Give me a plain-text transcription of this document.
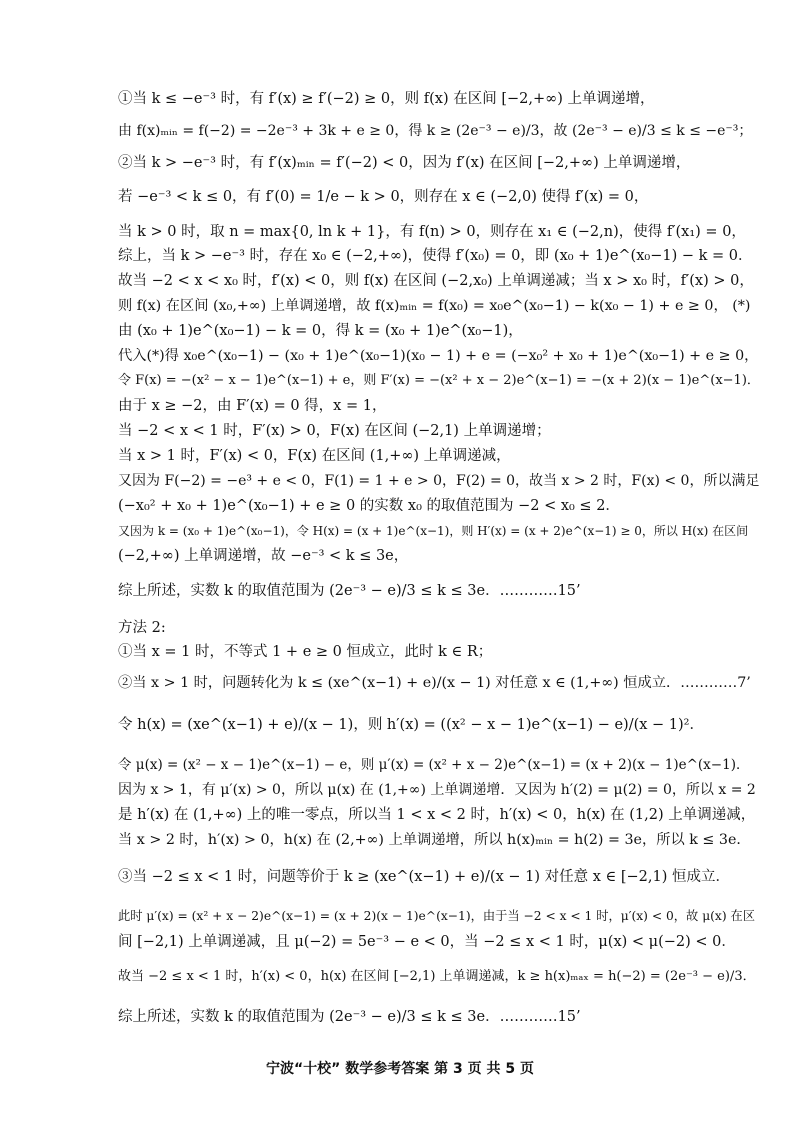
①当 k ≤ −e⁻³ 时，有 f′(x) ≥ f′(−2) ≥ 0，则 f(x) 在区间 [−2,+∞) 上单调递增，
由 f(x)ₘᵢₙ = f(−2) = −2e⁻³ + 3k + e ≥ 0，得 k ≥ (2e⁻³ − e)/3，故 (2e⁻³ − e)/3 ≤ k ≤ −e⁻³；
②当 k > −e⁻³ 时，有 f′(x)ₘᵢₙ = f′(−2) < 0，因为 f′(x) 在区间 [−2,+∞) 上单调递增，
若 −e⁻³ < k ≤ 0，有 f′(0) = 1/e − k > 0，则存在 x ∈ (−2,0) 使得 f′(x) = 0，
当 k > 0 时，取 n = max{0, ln k + 1}，有 f(n) > 0，则存在 x₁ ∈ (−2,n)，使得 f′(x₁) = 0，
综上，当 k > −e⁻³ 时，存在 x₀ ∈ (−2,+∞)，使得 f′(x₀) = 0，即 (x₀ + 1)e^(x₀−1) − k = 0．
故当 −2 < x < x₀ 时，f′(x) < 0，则 f(x) 在区间 (−2,x₀) 上单调递减；当 x > x₀ 时，f′(x) > 0，
则 f(x) 在区间 (x₀,+∞) 上单调递增，故 f(x)ₘᵢₙ = f(x₀) = x₀e^(x₀−1) − k(x₀ − 1) + e ≥ 0， (*)
由 (x₀ + 1)e^(x₀−1) − k = 0，得 k = (x₀ + 1)e^(x₀−1)，
代入(*)得 x₀e^(x₀−1) − (x₀ + 1)e^(x₀−1)(x₀ − 1) + e = (−x₀² + x₀ + 1)e^(x₀−1) + e ≥ 0，
令 F(x) = −(x² − x − 1)e^(x−1) + e，则 F′(x) = −(x² + x − 2)e^(x−1) = −(x + 2)(x − 1)e^(x−1)．
由于 x ≥ −2，由 F′(x) = 0 得，x = 1，
当 −2 < x < 1 时，F′(x) > 0，F(x) 在区间 (−2,1) 上单调递增；
当 x > 1 时，F′(x) < 0，F(x) 在区间 (1,+∞) 上单调递减，
又因为 F(−2) = −e³ + e < 0，F(1) = 1 + e > 0，F(2) = 0，故当 x > 2 时，F(x) < 0，所以满足
(−x₀² + x₀ + 1)e^(x₀−1) + e ≥ 0 的实数 x₀ 的取值范围为 −2 < x₀ ≤ 2．
又因为 k = (x₀ + 1)e^(x₀−1)，令 H(x) = (x + 1)e^(x−1)，则 H′(x) = (x + 2)e^(x−1) ≥ 0，所以 H(x) 在区间
(−2,+∞) 上单调递增，故 −e⁻³ < k ≤ 3e，
综上所述，实数 k 的取值范围为 (2e⁻³ − e)/3 ≤ k ≤ 3e．…………15’
方法 2:
①当 x = 1 时，不等式 1 + e ≥ 0 恒成立，此时 k ∈ R；
②当 x > 1 时，问题转化为 k ≤ (xe^(x−1) + e)/(x − 1) 对任意 x ∈ (1,+∞) 恒成立．…………7’
令 h(x) = (xe^(x−1) + e)/(x − 1)，则 h′(x) = ((x² − x − 1)e^(x−1) − e)/(x − 1)²．
令 μ(x) = (x² − x − 1)e^(x−1) − e，则 μ′(x) = (x² + x − 2)e^(x−1) = (x + 2)(x − 1)e^(x−1)．
因为 x > 1，有 μ′(x) > 0，所以 μ(x) 在 (1,+∞) 上单调递增．又因为 h′(2) = μ(2) = 0，所以 x = 2
是 h′(x) 在 (1,+∞) 上的唯一零点，所以当 1 < x < 2 时，h′(x) < 0，h(x) 在 (1,2) 上单调递减，
当 x > 2 时，h′(x) > 0，h(x) 在 (2,+∞) 上单调递增，所以 h(x)ₘᵢₙ = h(2) = 3e，所以 k ≤ 3e．
③当 −2 ≤ x < 1 时，问题等价于 k ≥ (xe^(x−1) + e)/(x − 1) 对任意 x ∈ [−2,1) 恒成立．
此时 μ′(x) = (x² + x − 2)e^(x−1) = (x + 2)(x − 1)e^(x−1)，由于当 −2 < x < 1 时，μ′(x) < 0，故 μ(x) 在区
间 [−2,1) 上单调递减，且 μ(−2) = 5e⁻³ − e < 0，当 −2 ≤ x < 1 时，μ(x) < μ(−2) < 0．
故当 −2 ≤ x < 1 时，h′(x) < 0，h(x) 在区间 [−2,1) 上单调递减，k ≥ h(x)ₘₐₓ = h(−2) = (2e⁻³ − e)/3．
综上所述，实数 k 的取值范围为 (2e⁻³ − e)/3 ≤ k ≤ 3e．…………15’
宁波“十校” 数学参考答案 第 3 页 共 5 页
